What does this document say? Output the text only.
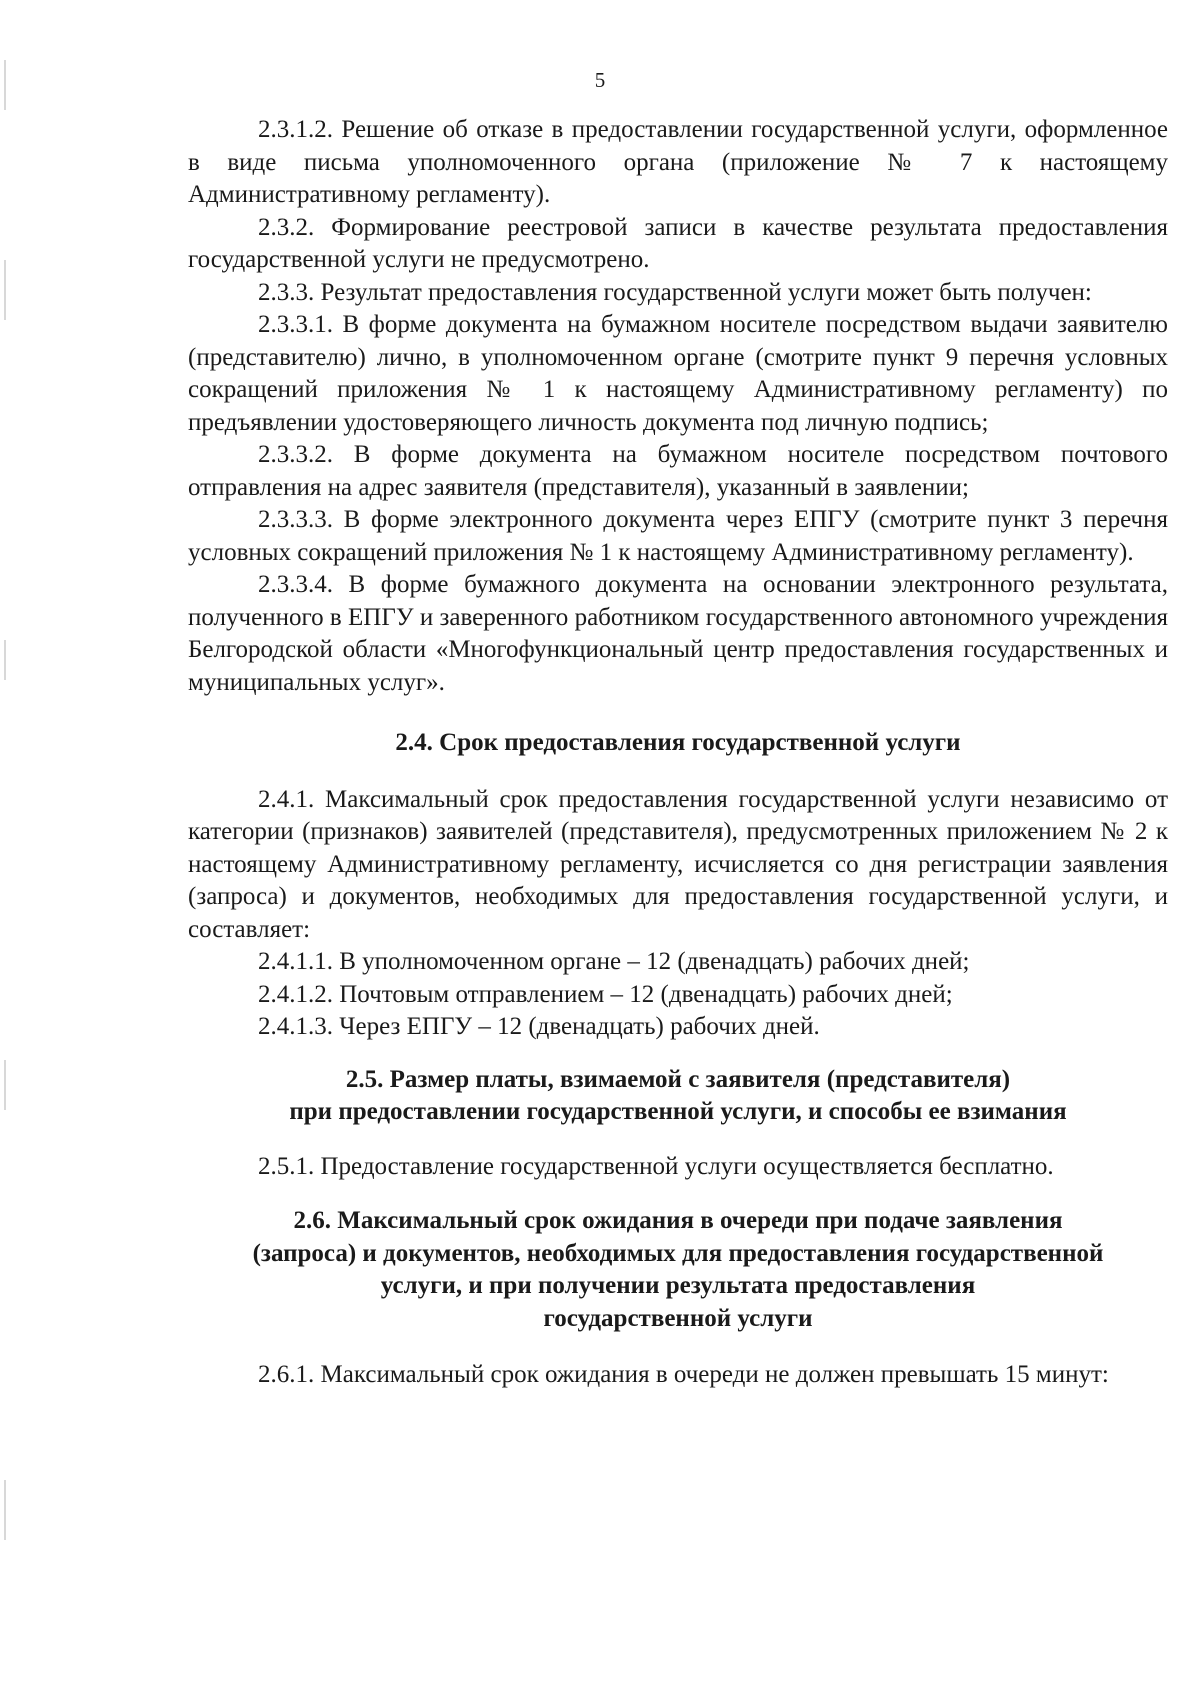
5

2.3.1.2. Решение об отказе в предоставлении государственной услуги, оформленное в виде письма уполномоченного органа (приложение № 7 к настоящему Административному регламенту).

2.3.2. Формирование реестровой записи в качестве результата предоставления государственной услуги не предусмотрено.

2.3.3. Результат предоставления государственной услуги может быть получен:

2.3.3.1. В форме документа на бумажном носителе посредством выдачи заявителю (представителю) лично, в уполномоченном органе (смотрите пункт 9 перечня условных сокращений приложения № 1 к настоящему Административному регламенту) по предъявлении удостоверяющего личность документа под личную подпись;

2.3.3.2. В форме документа на бумажном носителе посредством почтового отправления на адрес заявителя (представителя), указанный в заявлении;

2.3.3.3. В форме электронного документа через ЕПГУ (смотрите пункт 3 перечня условных сокращений приложения № 1 к настоящему Административному регламенту).

2.3.3.4. В форме бумажного документа на основании электронного результата, полученного в ЕПГУ и заверенного работником государственного автономного учреждения Белгородской области «Многофункциональный центр предоставления государственных и муниципальных услуг».

2.4. Срок предоставления государственной услуги

2.4.1. Максимальный срок предоставления государственной услуги независимо от категории (признаков) заявителей (представителя), предусмотренных приложением № 2 к настоящему Административному регламенту, исчисляется со дня регистрации заявления (запроса) и документов, необходимых для предоставления государственной услуги, и составляет:

2.4.1.1. В уполномоченном органе – 12 (двенадцать) рабочих дней;

2.4.1.2. Почтовым отправлением – 12 (двенадцать) рабочих дней;

2.4.1.3. Через ЕПГУ – 12 (двенадцать) рабочих дней.

2.5. Размер платы, взимаемой с заявителя (представителя)

при предоставлении государственной услуги, и способы ее взимания

2.5.1. Предоставление государственной услуги осуществляется бесплатно.

2.6. Максимальный срок ожидания в очереди при подаче заявления

(запроса) и документов, необходимых для предоставления государственной

услуги, и при получении результата предоставления

государственной услуги

2.6.1. Максимальный срок ожидания в очереди не должен превышать 15 минут:
